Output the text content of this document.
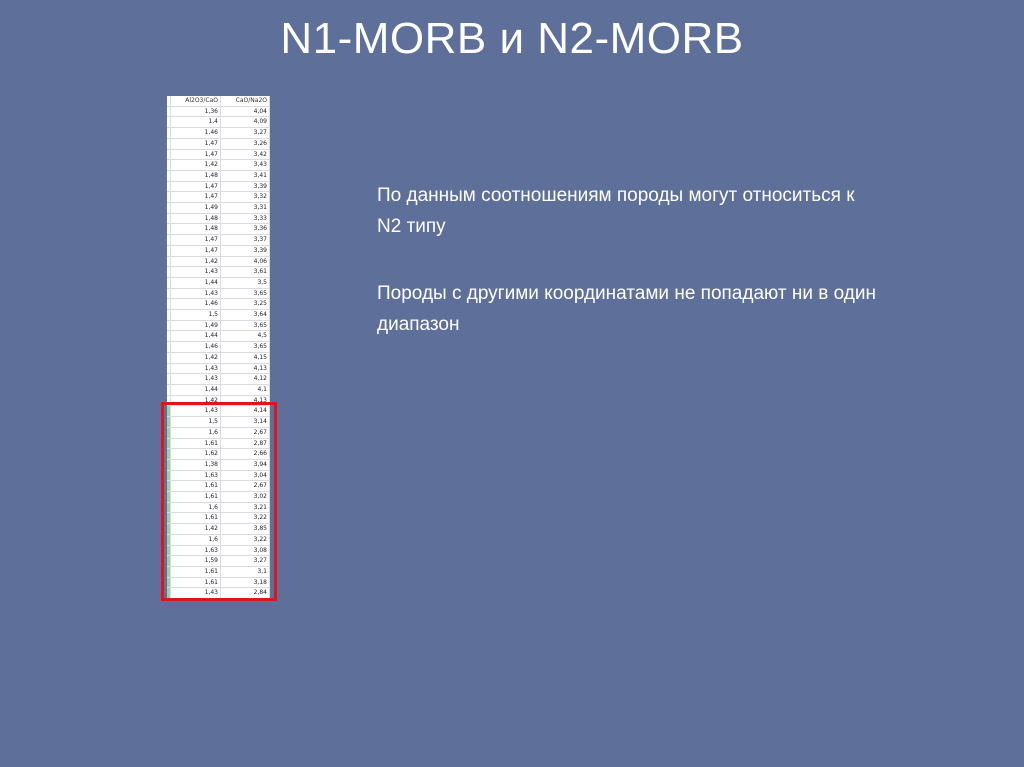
N1-MORB и N2-MORB
	Al2O3/CaO	CaO/Na2O
	1,36	4,04
	1,4	4,09
	1,46	3,27
	1,47	3,26
	1,47	3,42
	1,42	3,43
	1,48	3,41
	1,47	3,39
	1,47	3,32
	1,49	3,31
	1,48	3,33
	1,48	3,36
	1,47	3,37
	1,47	3,39
	1,42	4,06
	1,43	3,61
	1,44	3,5
	1,43	3,65
	1,46	3,25
	1,5	3,64
	1,49	3,65
	1,44	4,5
	1,46	3,65
	1,42	4,15
	1,43	4,13
	1,43	4,12
	1,44	4,1
	1,42	4,13
	1,43	4,14
	1,5	3,14
	1,6	2,67
	1,61	2,87
	1,62	2,66
	1,38	3,94
	1,63	3,04
	1,61	2,67
	1,61	3,02
	1,6	3,21
	1,61	3,22
	1,42	3,85
	1,6	3,22
	1,63	3,08
	1,59	3,27
	1,61	3,1
	1,61	3,18
	1,43	2,84

По данным соотношениям породы могут относиться к N2 типу

Породы с другими координатами не попадают ни в один диапазон
